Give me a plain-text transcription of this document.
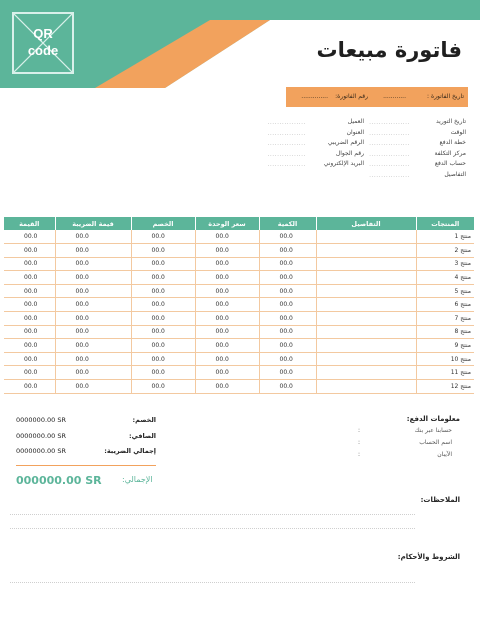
QR
code	فاتورة مبيعات
تاريخ الفاتورة :
............
رقم الفاتورة:
..............
تاريخ التوريد
.................
الوقت
.................
خطة الدفع
.................
مركز التكلفة
.................
حساب الدفع
.................
التفاصيل
.................
العميل
................
العنوان
................
الرقم الضريبي
................
رقم الجوال
................
البريد الإلكتروني
................
القيمة	قيمة الضريبة	الخصم	سعر الوحدة	الكمية	التفاصيل	المنتجات
00.0	00.0	00.0	00.0	00.0		منتج 1
00.0	00.0	00.0	00.0	00.0		منتج 2
00.0	00.0	00.0	00.0	00.0		منتج 3
00.0	00.0	00.0	00.0	00.0		منتج 4
00.0	00.0	00.0	00.0	00.0		منتج 5
00.0	00.0	00.0	00.0	00.0		منتج 6
00.0	00.0	00.0	00.0	00.0		منتج 7
00.0	00.0	00.0	00.0	00.0		منتج 8
00.0	00.0	00.0	00.0	00.0		منتج 9
00.0	00.0	00.0	00.0	00.0		منتج 10
00.0	00.0	00.0	00.0	00.0		منتج 11
00.0	00.0	00.0	00.0	00.0		منتج 12
معلومات الدفع:
حسابنا عبر بنك
:
اسم الحساب
:
الآيبان
:
0000000.00 SR	الخصم:
0000000.00 SR	الصافي:
0000000.00 SR	إجمالي الضريبة:
000000.00 SR	الإجمالي:
الملاحظات:
الشروط والأحكام:
